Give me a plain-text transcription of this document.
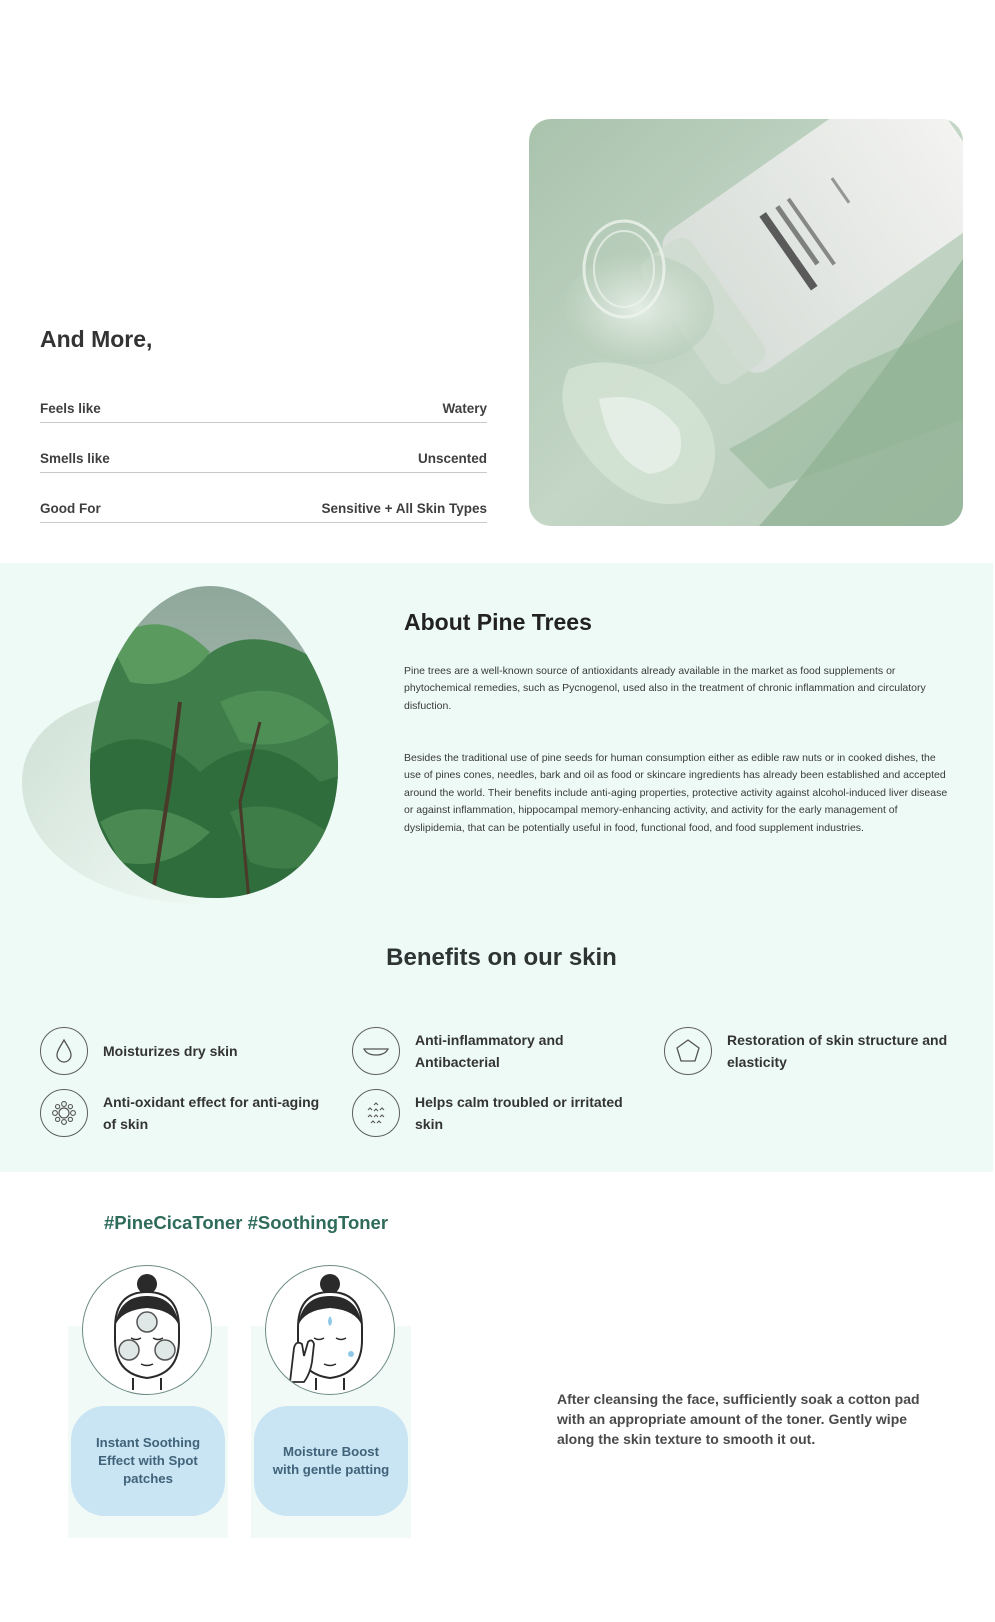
And More,
Feels like	Watery
Smells like	Unscented
Good For	Sensitive + All Skin Types
About Pine Trees

Pine trees are a well-known source of antioxidants already available in the market as food supplements or phytochemical remedies, such as Pycnogenol, used also in the treatment of chronic inflammation and circulatory disfuction.

Besides the traditional use of pine seeds for human consumption either as edible raw nuts or in cooked dishes, the use of pines cones, needles, bark and oil as food or skincare ingredients has already been established and accepted around the world. Their benefits include anti-aging properties, protective activity against alcohol-induced liver disease or against inflammation, hippocampal memory-enhancing activity, and activity for the early management of dyslipidemia, that can be potentially useful in food, functional food, and food supplement industries.

Benefits on our skin
Moisturizes dry skin
Anti-inflammatory and Antibacterial
Restoration of skin structure and elasticity
Anti-oxidant effect for anti-aging of skin
Helps calm troubled or irritated skin
#PineCicaToner #SoothingToner
Instant Soothing Effect with Spot patches
Moisture Boost with gentle patting

After cleansing the face, sufficiently soak a cotton pad with an appropriate amount of the toner. Gently wipe along the skin texture to smooth it out.
